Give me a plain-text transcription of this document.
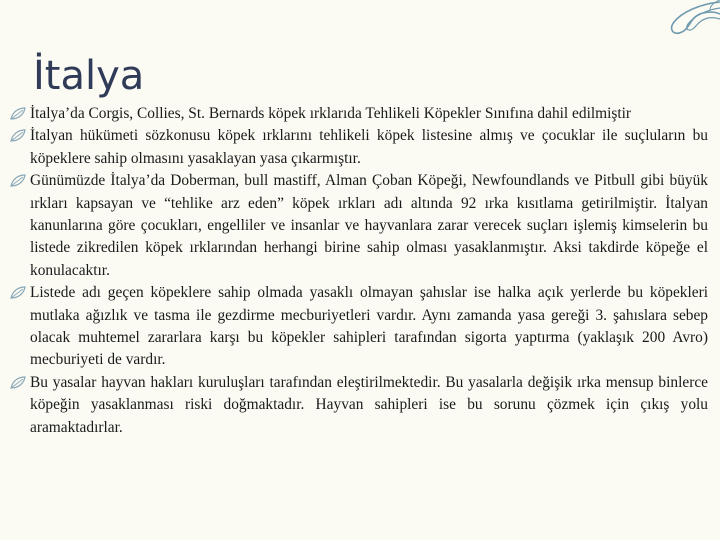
İtalya
İtalya’da Corgis, Collies, St. Bernards köpek ırklarıda Tehlikeli Köpekler Sınıfına dahil edilmiştir
İtalyan hükümeti sözkonusu köpek ırklarını tehlikeli köpek listesine almış ve çocuklar ile suçluların bu köpeklere sahip olmasını yasaklayan yasa çıkarmıştır.
Günümüzde İtalya’da Doberman, bull mastiff, Alman Çoban Köpeği, Newfoundlands ve Pitbull gibi büyük ırkları kapsayan ve “tehlike arz eden” köpek ırkları adı altında 92 ırka kısıtlama getirilmiştir. İtalyan kanunlarına göre çocukları, engelliler ve insanlar ve hayvanlara zarar verecek suçları işlemiş kimselerin bu listede zikredilen köpek ırklarından herhangi birine sahip olması yasaklanmıştır. Aksi takdirde köpeğe el konulacaktır.
Listede adı geçen köpeklere sahip olmada yasaklı olmayan şahıslar ise halka açık yerlerde bu köpekleri mutlaka ağızlık ve tasma ile gezdirme mecburiyetleri vardır. Aynı zamanda yasa gereği 3. şahıslara sebep olacak muhtemel zararlara karşı bu köpekler sahipleri tarafından sigorta yaptırma (yaklaşık 200 Avro) mecburiyeti de vardır.
Bu yasalar hayvan hakları kuruluşları tarafından eleştirilmektedir. Bu yasalarla değişik ırka mensup binlerce köpeğin yasaklanması riski doğmaktadır. Hayvan sahipleri ise bu sorunu çözmek için çıkış yolu aramaktadırlar.
